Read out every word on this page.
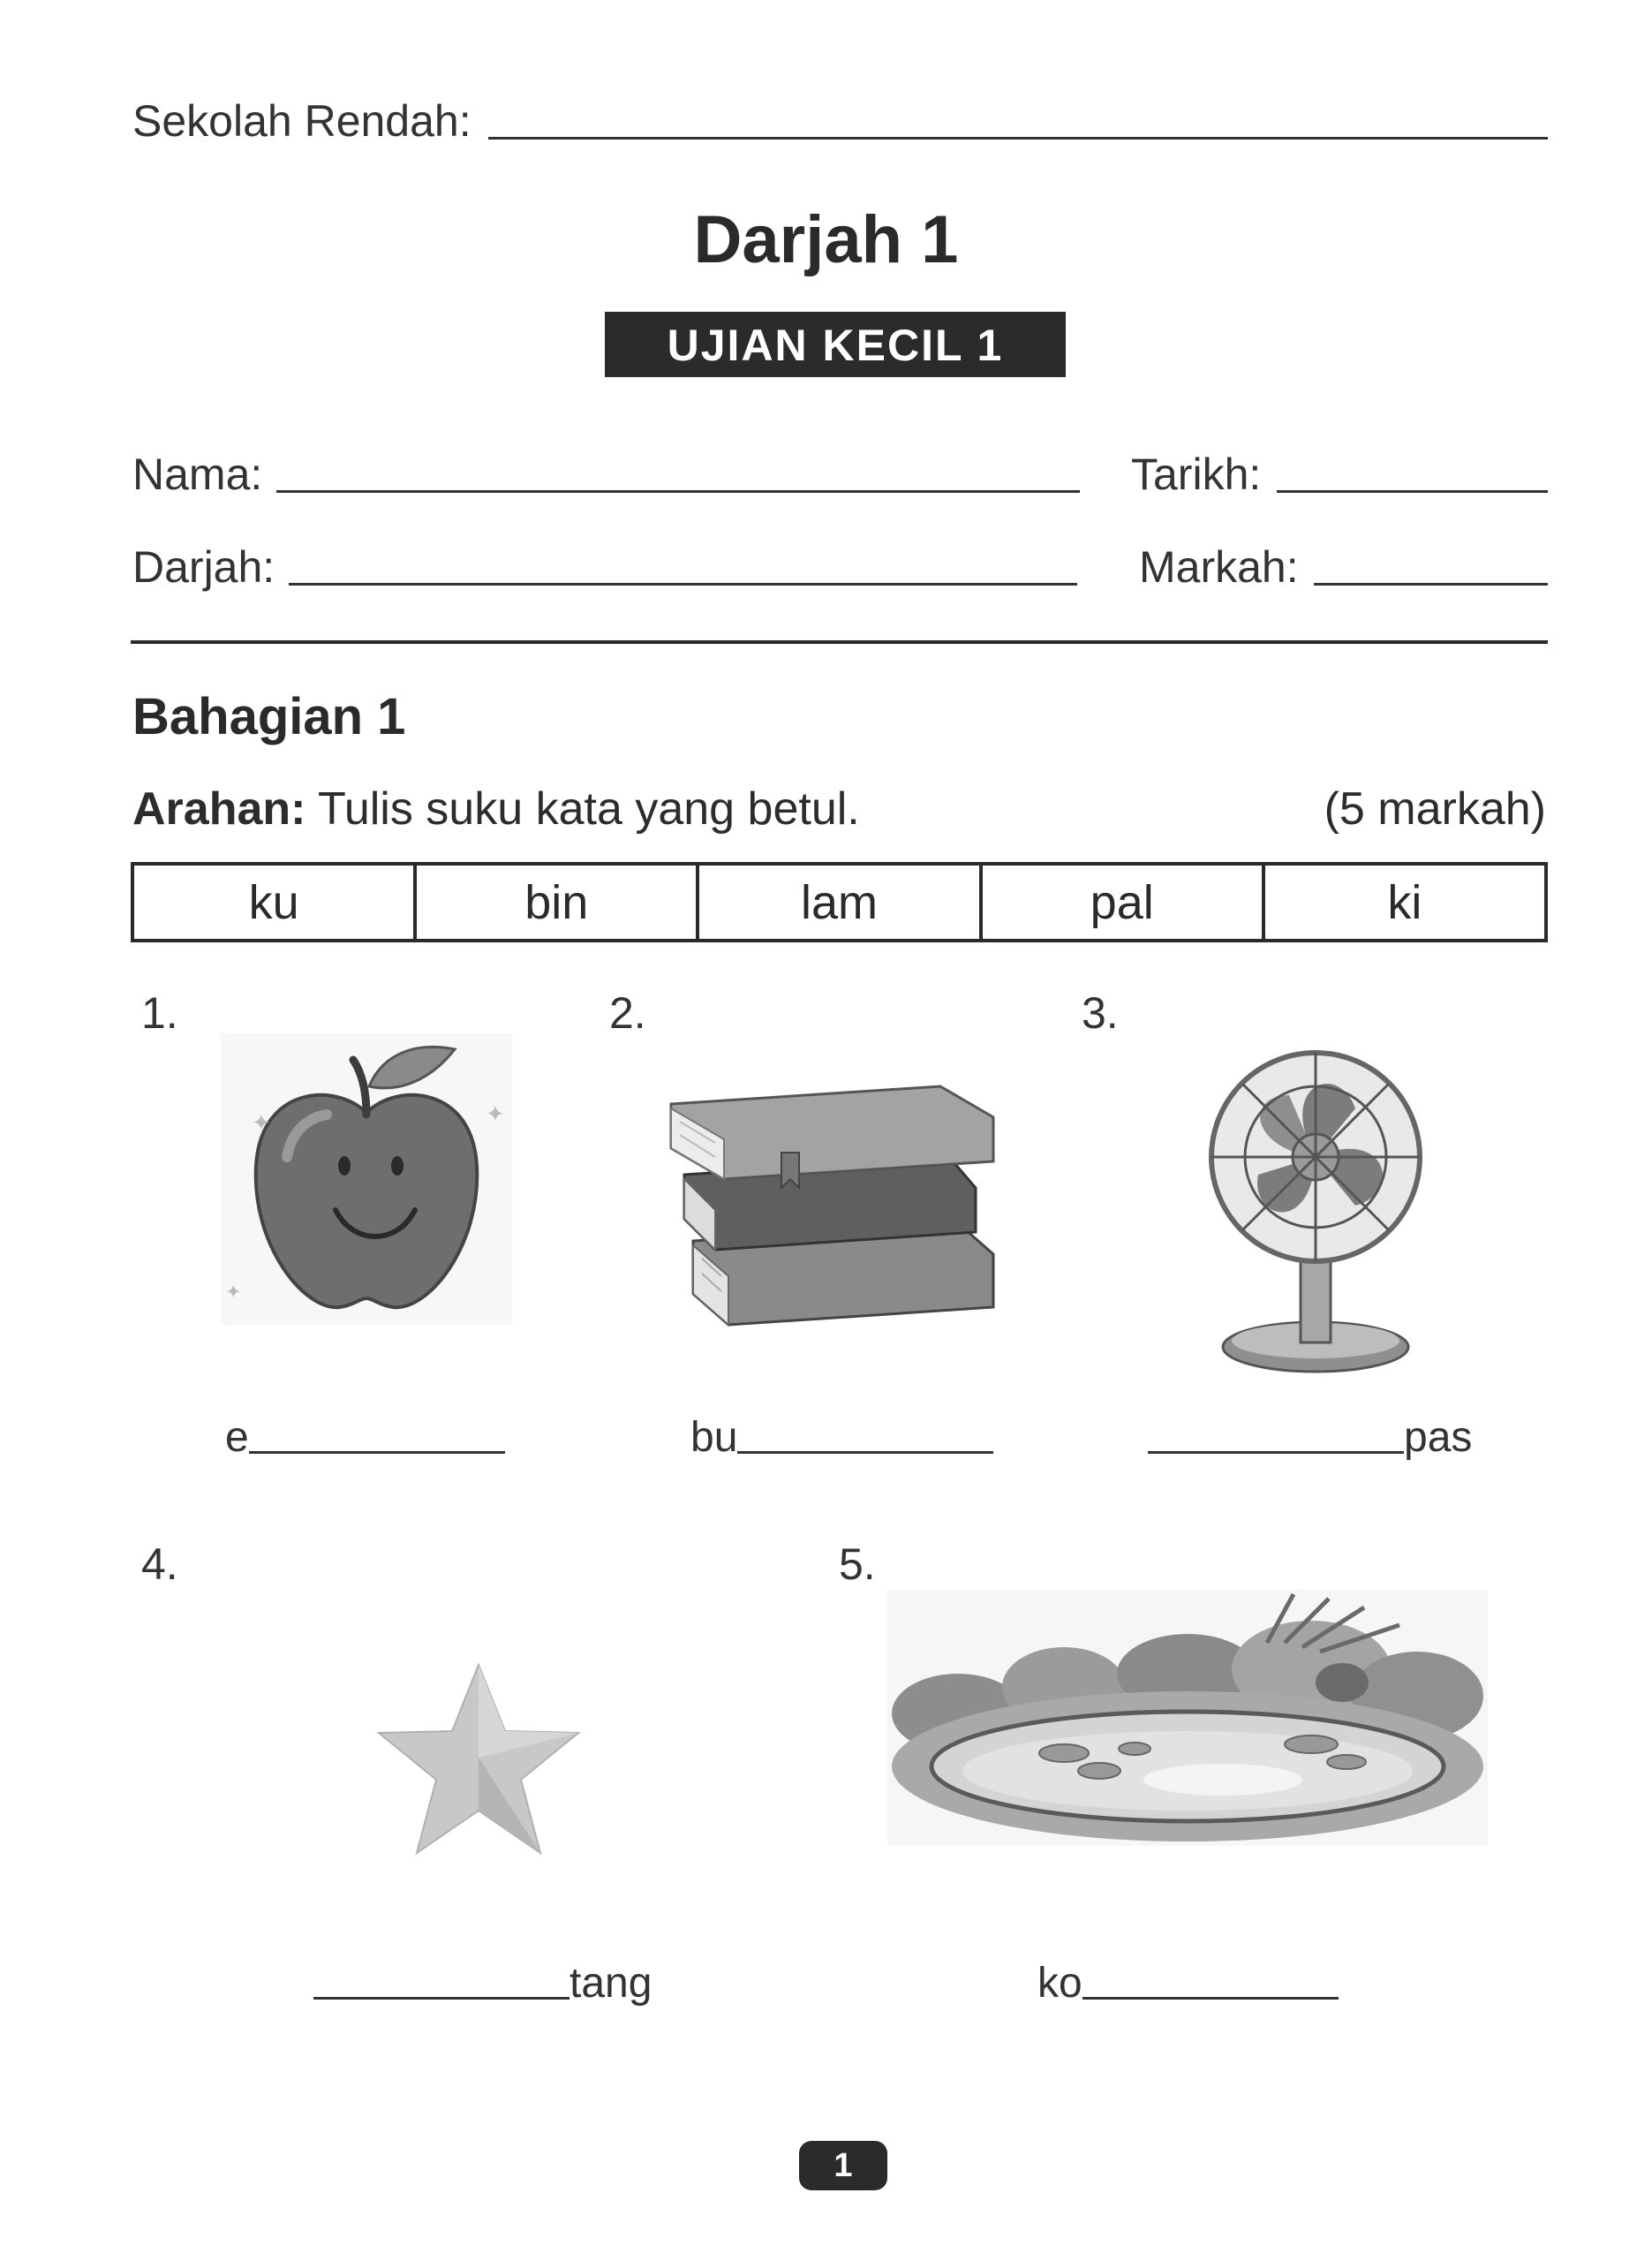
Sekolah Rendah:
Darjah 1
UJIAN KECIL 1
Nama:	Tarikh:
Darjah:	Markah:
Bahagian 1
Arahan: Tulis suku kata yang betul.	(5 markah)
ku	bin	lam	pal	ki
1.
✦	✦
✦
e
2.
bu
3.
pas
4.
tang
5.
ko
1
